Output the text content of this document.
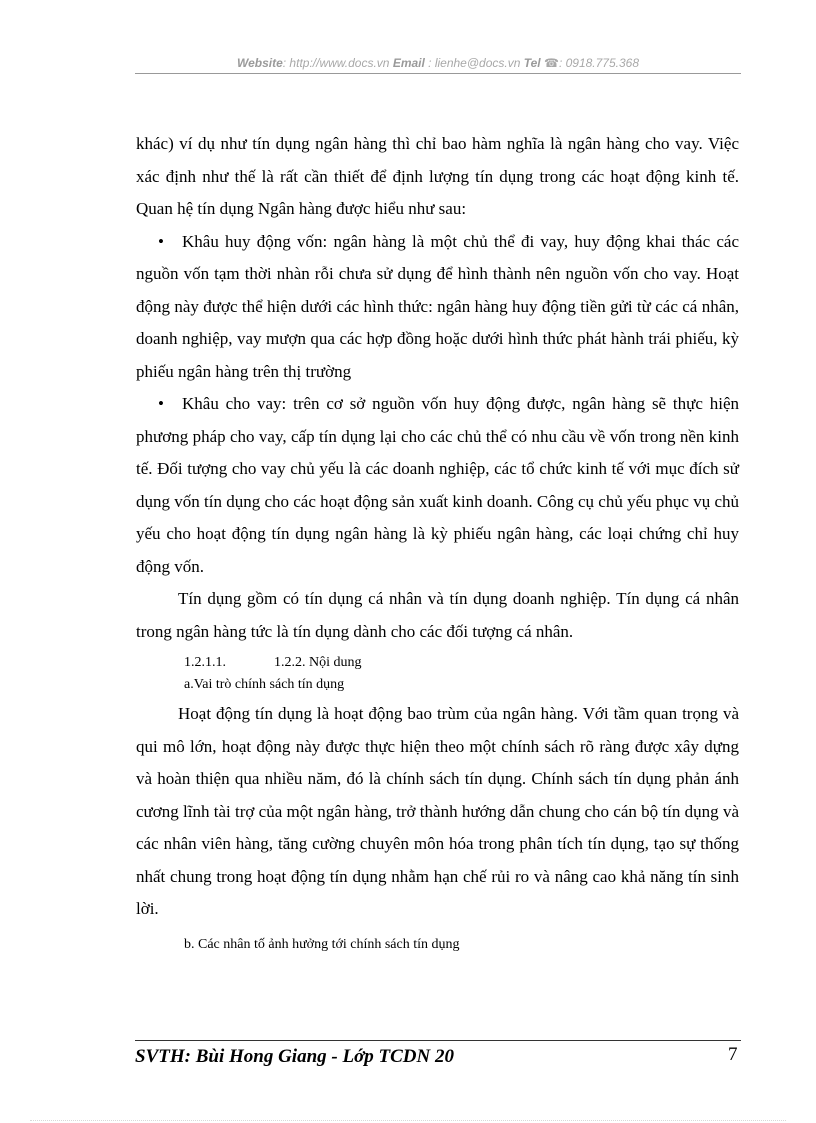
Website: http://www.docs.vn Email : lienhe@docs.vn Tel ☎: 0918.775.368

khác) ví dụ như tín dụng ngân hàng thì chỉ bao hàm nghĩa là ngân hàng cho vay. Việc xác định như thế là rất cần thiết để định lượng tín dụng trong các hoạt động kinh tế. Quan hệ tín dụng Ngân hàng được hiểu như sau:

•	Khâu huy động vốn: ngân hàng là một chủ thể đi vay, huy động khai thác các nguồn vốn tạm thời nhàn rỗi chưa sử dụng để hình thành nên nguồn vốn cho vay. Hoạt động này được thể hiện dưới các hình thức: ngân hàng huy động tiền gửi từ các cá nhân, doanh nghiệp, vay mượn qua các hợp đồng hoặc dưới hình thức phát hành trái phiếu, kỳ phiếu ngân hàng trên thị trường

•	Khâu cho vay: trên cơ sở nguồn vốn huy động được, ngân hàng sẽ thực hiện phương pháp cho vay, cấp tín dụng lại cho các chủ thể có nhu cầu về vốn trong nền kinh tế. Đối tượng cho vay chủ yếu là các doanh nghiệp, các tổ chức kinh tế với mục đích sử dụng vốn tín dụng cho các hoạt động sản xuất kinh doanh. Công cụ chủ yếu phục vụ chủ yếu cho hoạt động tín dụng ngân hàng là kỳ phiếu ngân hàng, các loại chứng chỉ huy động vốn.

Tín dụng gồm có tín dụng cá nhân và tín dụng doanh nghiệp. Tín dụng cá nhân trong ngân hàng tức là tín dụng dành cho các đối tượng cá nhân.

1.2.1.1.	1.2.2. Nội dung

a.Vai trò chính sách tín dụng

Hoạt động tín dụng là hoạt động bao trùm của ngân hàng. Với tầm quan trọng và qui mô lớn, hoạt động này được thực hiện theo một chính sách rõ ràng được xây dựng và hoàn thiện qua nhiều năm, đó là chính sách tín dụng. Chính sách tín dụng phản ánh cương lĩnh tài trợ của một ngân hàng, trở thành hướng dẫn chung cho cán bộ tín dụng và các nhân viên hàng, tăng cường chuyên môn hóa trong phân tích tín dụng, tạo sự thống nhất chung trong hoạt động tín dụng nhằm hạn chế rủi ro và nâng cao khả năng tín sinh lời.

b. Các nhân tố ảnh hưởng tới chính sách tín dụng

SVTH: Bùi Hong Giang - Lớp TCDN 20	7
